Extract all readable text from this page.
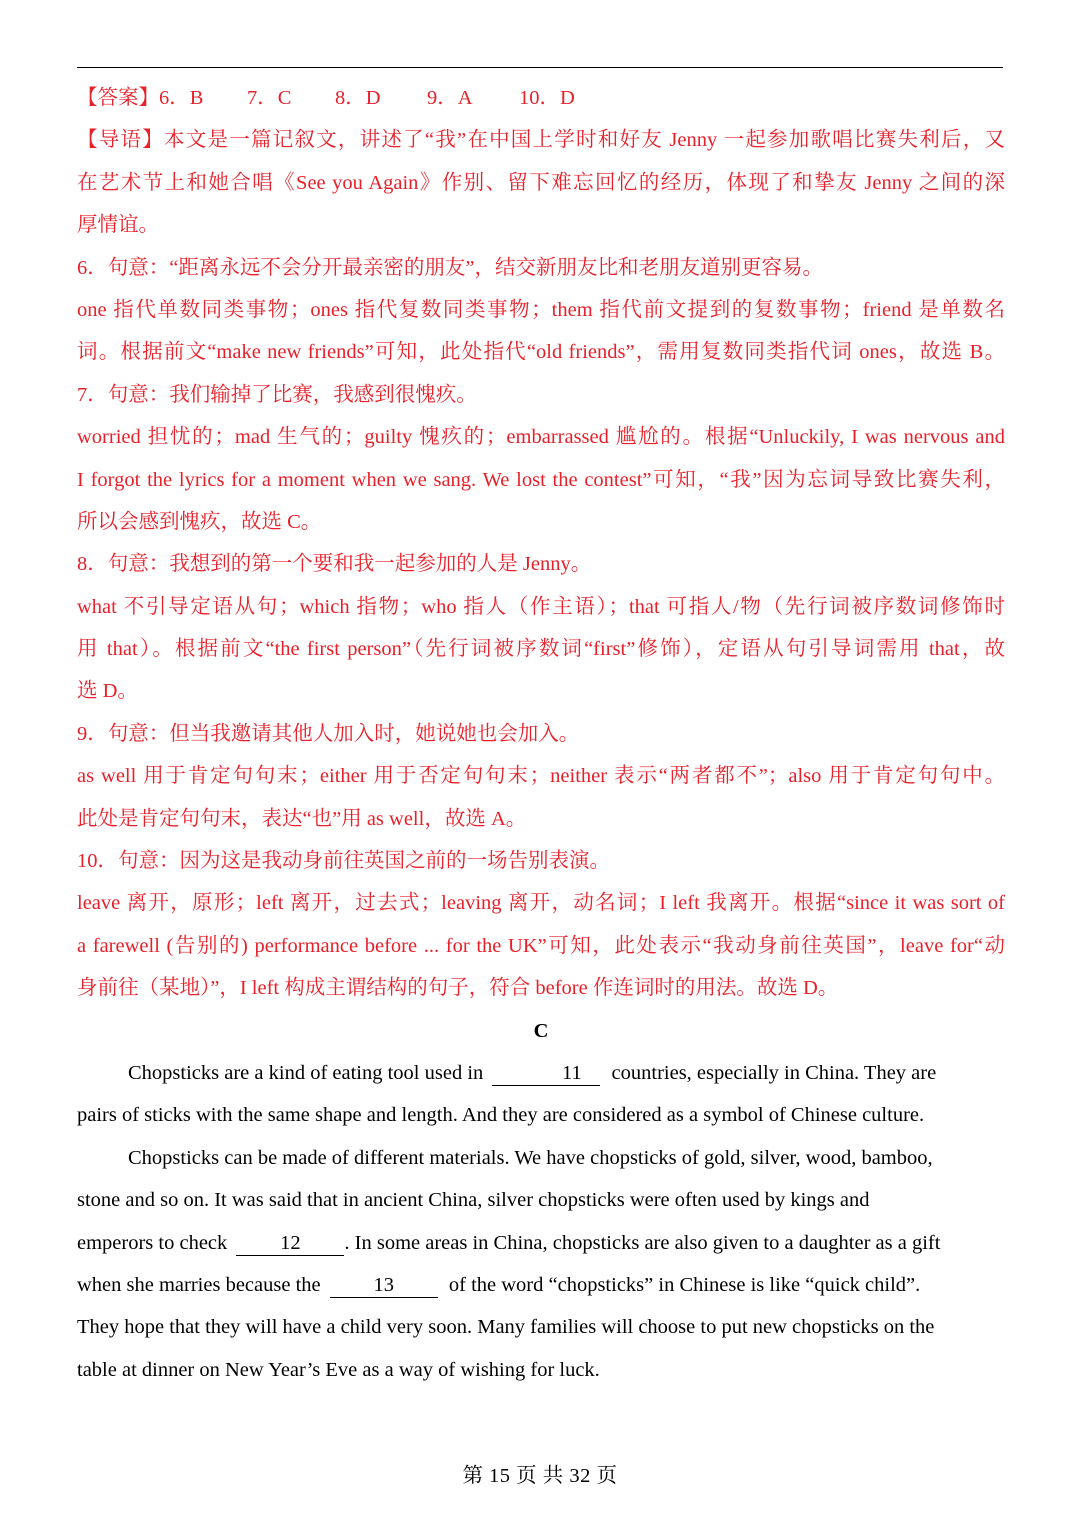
【答案】6．B 7．C 8．D 9．A 10．D
【导语】本文是一篇记叙文，讲述了“我”在中国上学时和好友 Jenny 一起参加歌唱比赛失利后，又
在艺术节上和她合唱《See you Again》作别、留下难忘回忆的经历，体现了和挚友 Jenny 之间的深
厚情谊。
6．句意：“距离永远不会分开最亲密的朋友”，结交新朋友比和老朋友道别更容易。
one 指代单数同类事物；ones 指代复数同类事物；them 指代前文提到的复数事物；friend 是单数名
词。根据前文“make new friends”可知，此处指代“old friends”，需用复数同类指代词 ones，故选 B。
7．句意：我们输掉了比赛，我感到很愧疚。
worried 担忧的；mad 生气的；guilty 愧疚的；embarrassed 尴尬的。根据“Unluckily, I was nervous and
I forgot the lyrics for a moment when we sang. We lost the contest”可知，“我”因为忘词导致比赛失利，
所以会感到愧疚，故选 C。
8．句意：我想到的第一个要和我一起参加的人是 Jenny。
what 不引导定语从句；which 指物；who 指人（作主语）；that 可指人/物（先行词被序数词修饰时
用 that）。根据前文“the first person”（先行词被序数词“first”修饰），定语从句引导词需用 that，故
选 D。
9．句意：但当我邀请其他人加入时，她说她也会加入。
as well 用于肯定句句末；either 用于否定句句末；neither 表示“两者都不”；also 用于肯定句句中。
此处是肯定句句末，表达“也”用 as well，故选 A。
10．句意：因为这是我动身前往英国之前的一场告别表演。
leave 离开，原形；left 离开，过去式；leaving 离开，动名词；I left 我离开。根据“since it was sort of
a farewell (告别的) performance before ... for the UK”可知，此处表示“我动身前往英国”，leave for“动
身前往（某地）”，I left 构成主谓结构的句子，符合 before 作连词时的用法。故选 D。
C
Chopsticks are a kind of eating tool used in	11 countries, especially in China. They are
pairs of sticks with the same shape and length. And they are considered as a symbol of Chinese culture.
Chopsticks can be made of different materials. We have chopsticks of gold, silver, wood, bamboo,
stone and so on. It was said that in ancient China, silver chopsticks were often used by kings and
emperors to check	12 . In some areas in China, chopsticks are also given to a daughter as a gift
when she marries because the	13	of the word “chopsticks” in Chinese is like “quick child”.
They hope that they will have a child very soon. Many families will choose to put new chopsticks on the
table at dinner on New Year’s Eve as a way of wishing for luck.
第 15 页 共 32 页
